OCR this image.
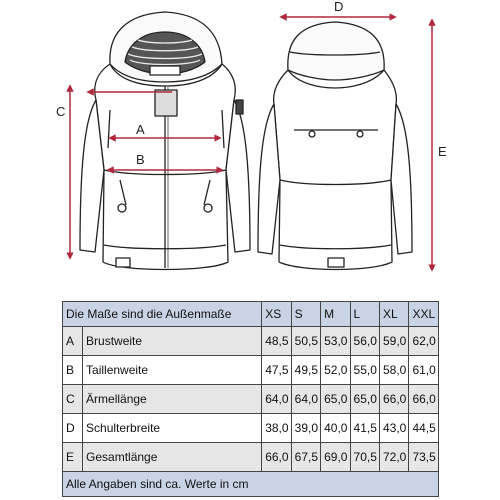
A
B
C
D
E
Die Maße sind die Außenmaße		XS	S	M	L	XL	XXL
A	Brustweite	48,5	50,5	53,0	56,0	59,0	62,0
B	Taillenweite	47,5	49,5	52,0	55,0	58,0	61,0
C	Ärmellänge	64,0	64,0	65,0	65,0	66,0	66,0
D	Schulterbreite	38,0	39,0	40,0	41,5	43,0	44,5
E	Gesamtlänge	66,0	67,5	69,0	70,5	72,0	73,5
Alle Angaben sind ca. Werte in cm							
